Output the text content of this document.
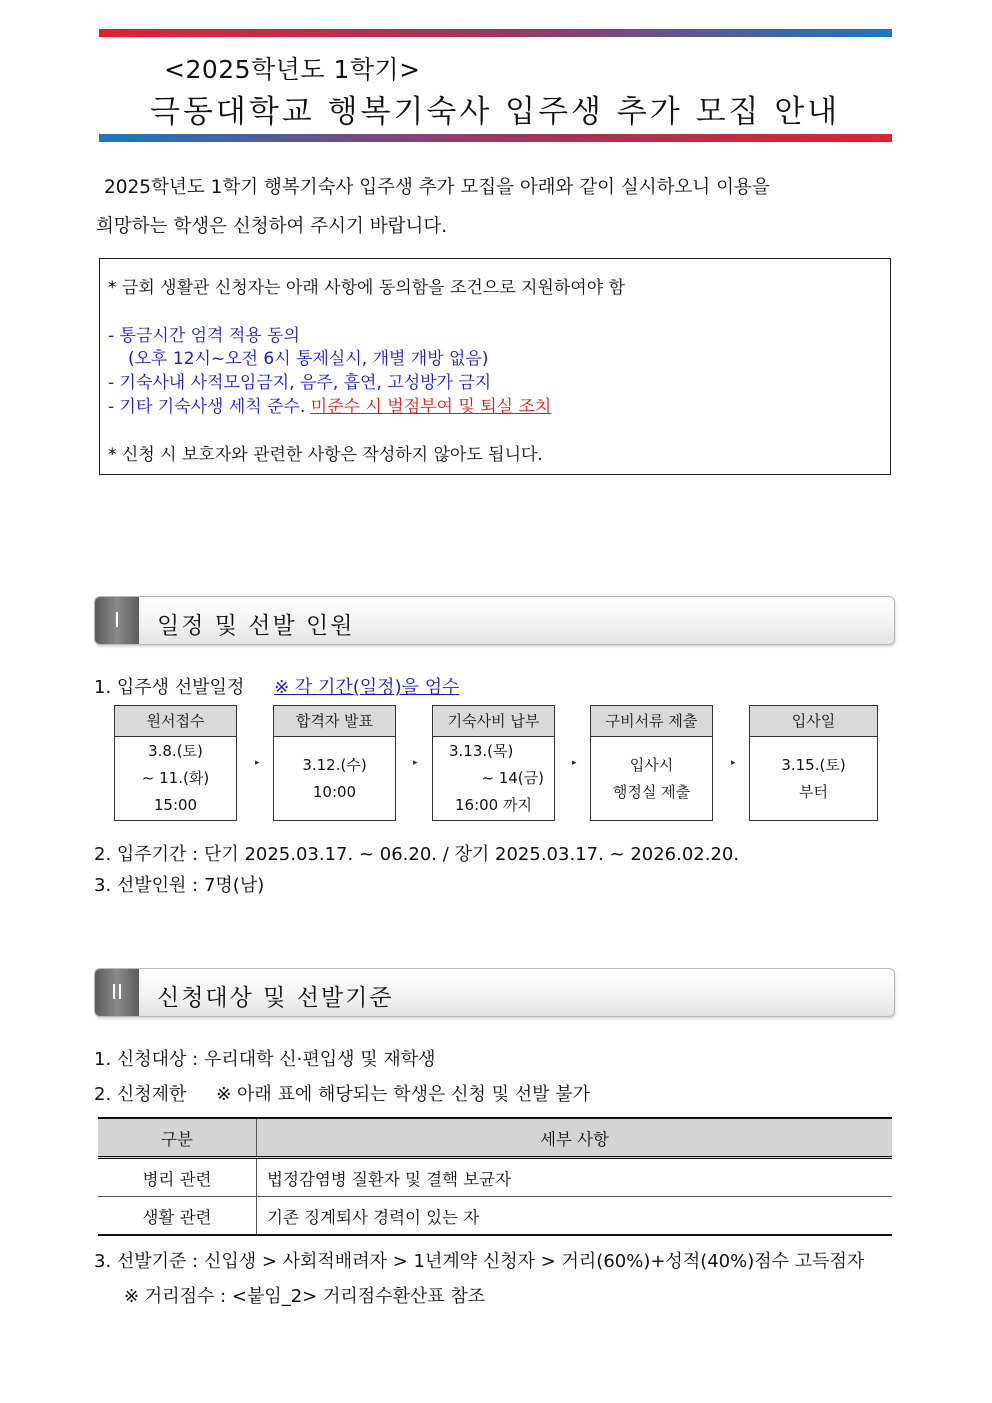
<2025학년도 1학기>
극동대학교 행복기숙사 입주생 추가 모집 안내
2025학년도 1학기 행복기숙사 입주생 추가 모집을 아래와 같이 실시하오니 이용을
희망하는 학생은 신청하여 주시기 바랍니다.
* 금회 생활관 신청자는 아래 사항에 동의함을 조건으로 지원하여야 함
- 통금시간 엄격 적용 동의
(오후 12시~오전 6시 통제실시, 개별 개방 없음)
- 기숙사내 사적모임금지, 음주, 흡연, 고성방가 금지
- 기타 기숙사생 세칙 준수. 미준수 시 벌점부여 및 퇴실 조치
* 신청 시 보호자와 관련한 사항은 작성하지 않아도 됩니다.
I	일정 및 선발 인원
1. 입주생 선발일정 ※ 각 기간(일정)을 엄수
원서접수
3.8.(토)
~ 11.(화)
15:00
▸
합격자 발표
3.12.(수)
10:00
▸
기숙사비 납부
3.13.(목)
~ 14(금)
16:00 까지
▸
구비서류 제출
입사시
행정실 제출
▸
입사일
3.15.(토)
부터
2. 입주기간 : 단기 2025.03.17. ~ 06.20. / 장기 2025.03.17. ~ 2026.02.20.
3. 선발인원 : 7명(남)
II	신청대상 및 선발기준
1. 신청대상 : 우리대학 신·편입생 및 재학생
2. 신청제한 ※ 아래 표에 해당되는 학생은 신청 및 선발 불가
구분	세부 사항
병리 관련	법정감염병 질환자 및 결핵 보균자
생활 관련	기존 징계퇴사 경력이 있는 자
3. 선발기준 : 신입생 > 사회적배려자 > 1년계약 신청자 > 거리(60%)+성적(40%)점수 고득점자
※ 거리점수 : <붙임_2> 거리점수환산표 참조
